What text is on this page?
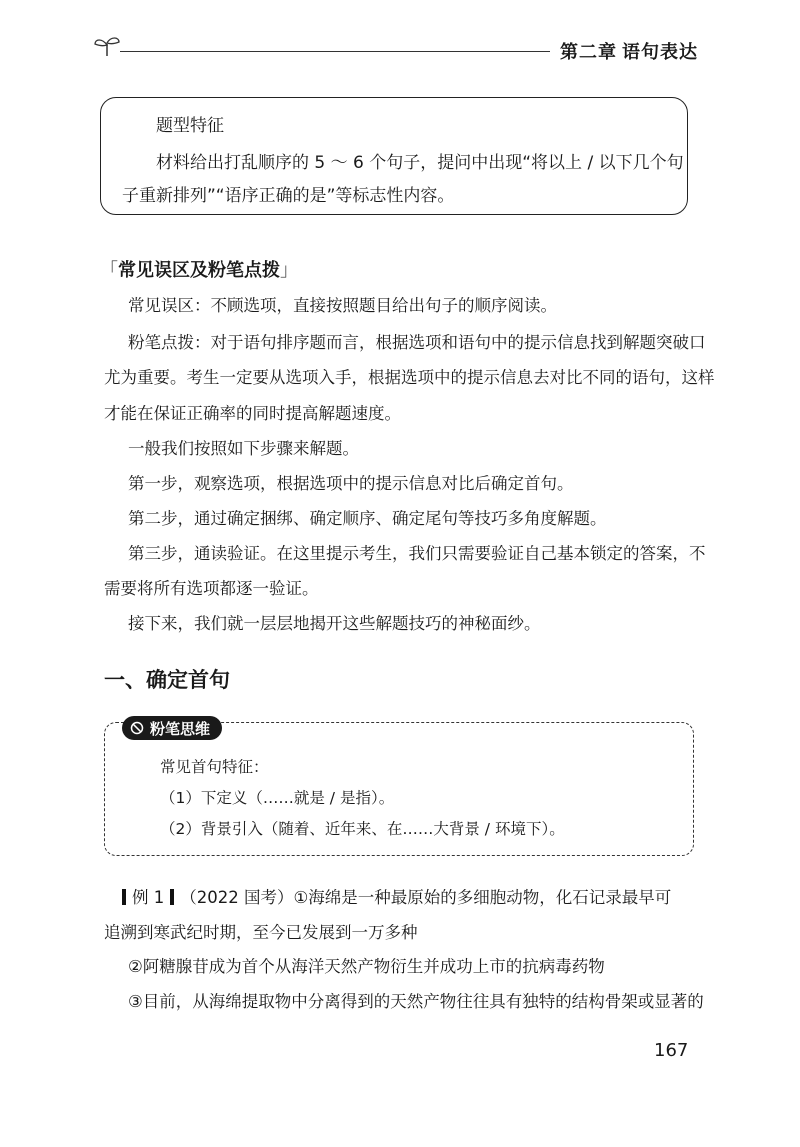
第二章 语句表达
题型特征
材料给出打乱顺序的 5 ～ 6 个句子，提问中出现“将以上 / 以下几个句
子重新排列”“语序正确的是”等标志性内容。
「常见误区及粉笔点拨」
常见误区：不顾选项，直接按照题目给出句子的顺序阅读。
粉笔点拨：对于语句排序题而言，根据选项和语句中的提示信息找到解题突破口
尤为重要。考生一定要从选项入手，根据选项中的提示信息去对比不同的语句，这样
才能在保证正确率的同时提高解题速度。
一般我们按照如下步骤来解题。
第一步，观察选项，根据选项中的提示信息对比后确定首句。
第二步，通过确定捆绑、确定顺序、确定尾句等技巧多角度解题。
第三步，通读验证。在这里提示考生，我们只需要验证自己基本锁定的答案，不
需要将所有选项都逐一验证。
接下来，我们就一层层地揭开这些解题技巧的神秘面纱。
一、确定首句
粉笔思维
常见首句特征：
（1）下定义（……就是 / 是指）。
（2）背景引入（随着、近年来、在……大背景 / 环境下）。
例 1 （2022 国考）①海绵是一种最原始的多细胞动物，化石记录最早可
追溯到寒武纪时期，至今已发展到一万多种
②阿糖腺苷成为首个从海洋天然产物衍生并成功上市的抗病毒药物
③目前，从海绵提取物中分离得到的天然产物往往具有独特的结构骨架或显著的
167
